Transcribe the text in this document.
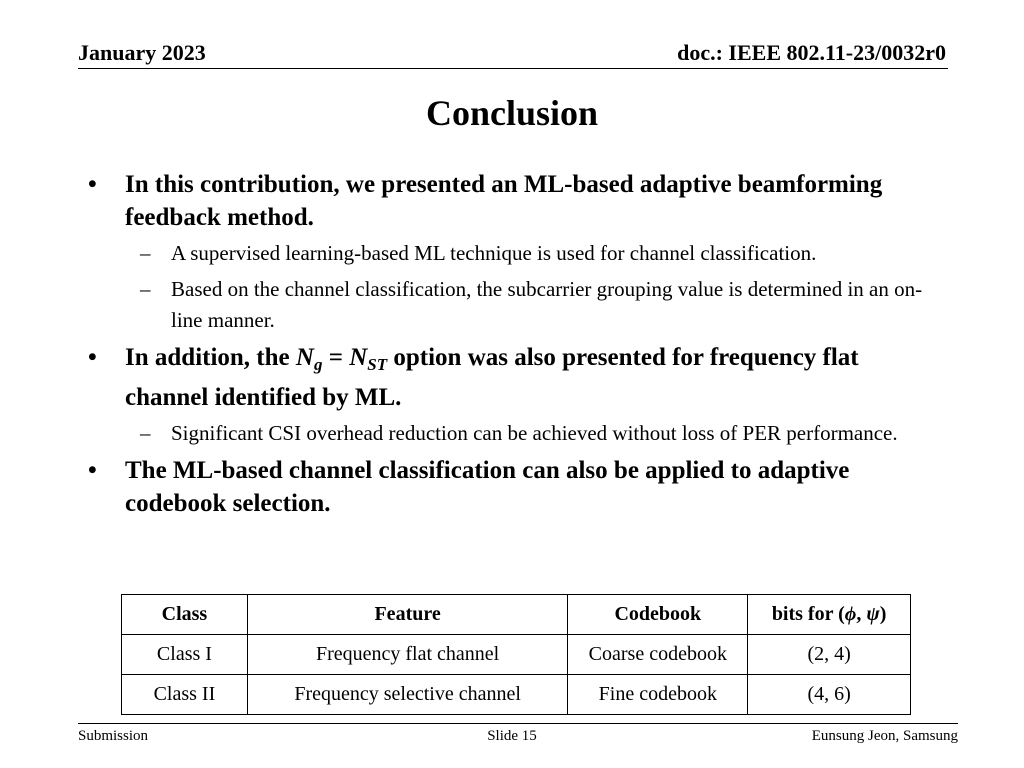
January 2023	doc.: IEEE 802.11-23/0032r0
Conclusion
• In this contribution, we presented an ML-based adaptive beamforming feedback method.
– A supervised learning-based ML technique is used for channel classification.
– Based on the channel classification, the subcarrier grouping value is determined in an on-line manner.
• In addition, the $N_g = N_{ST}$ option was also presented for frequency flat channel identified by ML.
– Significant CSI overhead reduction can be achieved without loss of PER performance.
• The ML-based channel classification can also be applied to adaptive codebook selection.
Class	Feature	Codebook	bits for (ϕ, ψ)
Class I	Frequency flat channel	Coarse codebook	(2, 4)
Class II	Frequency selective channel	Fine codebook	(4, 6)
Submission	Slide 15	Eunsung Jeon, Samsung
